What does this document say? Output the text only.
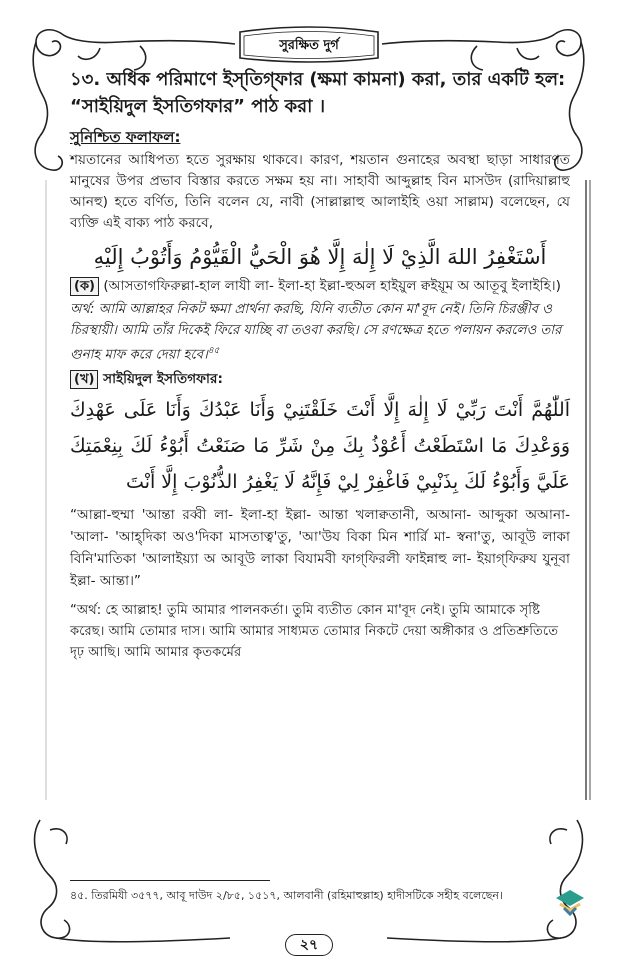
সুরক্ষিত দুর্গ

১৩. অধিক পরিমাণে ইস্‌তিগ্‌ফার (ক্ষমা কামনা) করা, তার একটি হল: “সাইয়িদুল ইসতিগফার” পাঠ করা ।

সুনিশ্চিত ফলাফল:

শয়তানের আধিপত্য হতে সুরক্ষায় থাকবে। কারণ, শয়তান গুনাহের অবস্থা ছাড়া সাধারণত মানুষের উপর প্রভাব বিস্তার করতে সক্ষম হয় না। সাহাবী আব্দুল্লাহ বিন মাসউদ (রাদিয়াল্লাহু আনহু) হতে বর্ণিত, তিনি বলেন যে, নাবী (সাল্লাল্লাহু আলাইহি ওয়া সাল্লাম) বলেছেন, যে ব্যক্তি এই বাক্য পাঠ করবে,

أَسْتَغْفِرُ اللهَ الَّذِيْ لَا إِلٰهَ إِلَّا هُوَ الْحَيُّ الْقَيُّوْمُ وَأَتُوْبُ إِلَيْهِ

(ক) (আসতাগফিরুল্লা-হাল লাযী লা- ইলা-হা ইল্লা-হুঅল হাইয়ুল ক্বইয়ূম অ আতূবু ইলাইহি।)

অর্থ: আমি আল্লাহর নিকট ক্ষমা প্রার্থনা করছি, যিনি ব্যতীত কোন মা'বূদ নেই। তিনি চিরঞ্জীব ও চিরস্থায়ী। আমি তাঁর দিকেই ফিরে যাচ্ছি বা তওবা করছি। সে রণক্ষেত্র হতে পলায়ন করলেও তার গুনাহ মাফ করে দেয়া হবে।$^{৪৫}$

(খ) সাইয়িদুল ইসতিগফার:

اَللّٰهُمَّ أَنْتَ رَبِّيْ لَا إِلٰهَ إِلَّا أَنْتَ خَلَقْتَنِيْ وَأَنَا عَبْدُكَ وَأَنَا عَلَى عَهْدِكَ وَوَعْدِكَ مَا اسْتَطَعْتُ أَعُوْذُ بِكَ مِنْ شَرِّ مَا صَنَعْتُ أَبُوْءُ لَكَ بِنِعْمَتِكَ عَلَيَّ وَأَبُوْءُ لَكَ بِذَنْبِيْ فَاغْفِرْ لِيْ فَإِنَّهُ لَا يَغْفِرُ الذُّنُوْبَ إِلَّا أَنْتَ

“আল্লা-হুম্মা 'আন্তা রব্বী লা- ইলা-হা ইল্লা- আন্তা খলাক্বতানী, অআনা- আব্দুকা অআনা- 'আলা- 'আহ্‌দিকা অও'দিকা মাসতাত্ব'তু, 'আ'উয বিকা মিন শার্রি মা- স্বনা'তু, আবূউ লাকা বিনি'মাতিকা 'আলাইয়্যা অ আবূউ লাকা বিযামবী ফাগ্‌ফিরলী ফাইন্নাহু লা- ইয়াগ্‌ফিরুয যুনূবা ইল্লা- আন্তা।”

“অর্থ: হে আল্লাহ! তুমি আমার পালনকর্তা। তুমি ব্যতীত কোন মা'বূদ নেই। তুমি আমাকে সৃষ্টি করেছ। আমি তোমার দাস। আমি আমার সাধ্যমত তোমার নিকটে দেয়া অঙ্গীকার ও প্রতিশ্রুতিতে দৃঢ় আছি। আমি আমার কৃতকর্মের

৪৫. তিরমিযী ৩৫৭৭, আবূ দাউদ ২/৮৫, ১৫১৭, আলবানী (রহিমাহুল্লাহ) হাদীসটিকে সহীহ বলেছেন।
২৭
